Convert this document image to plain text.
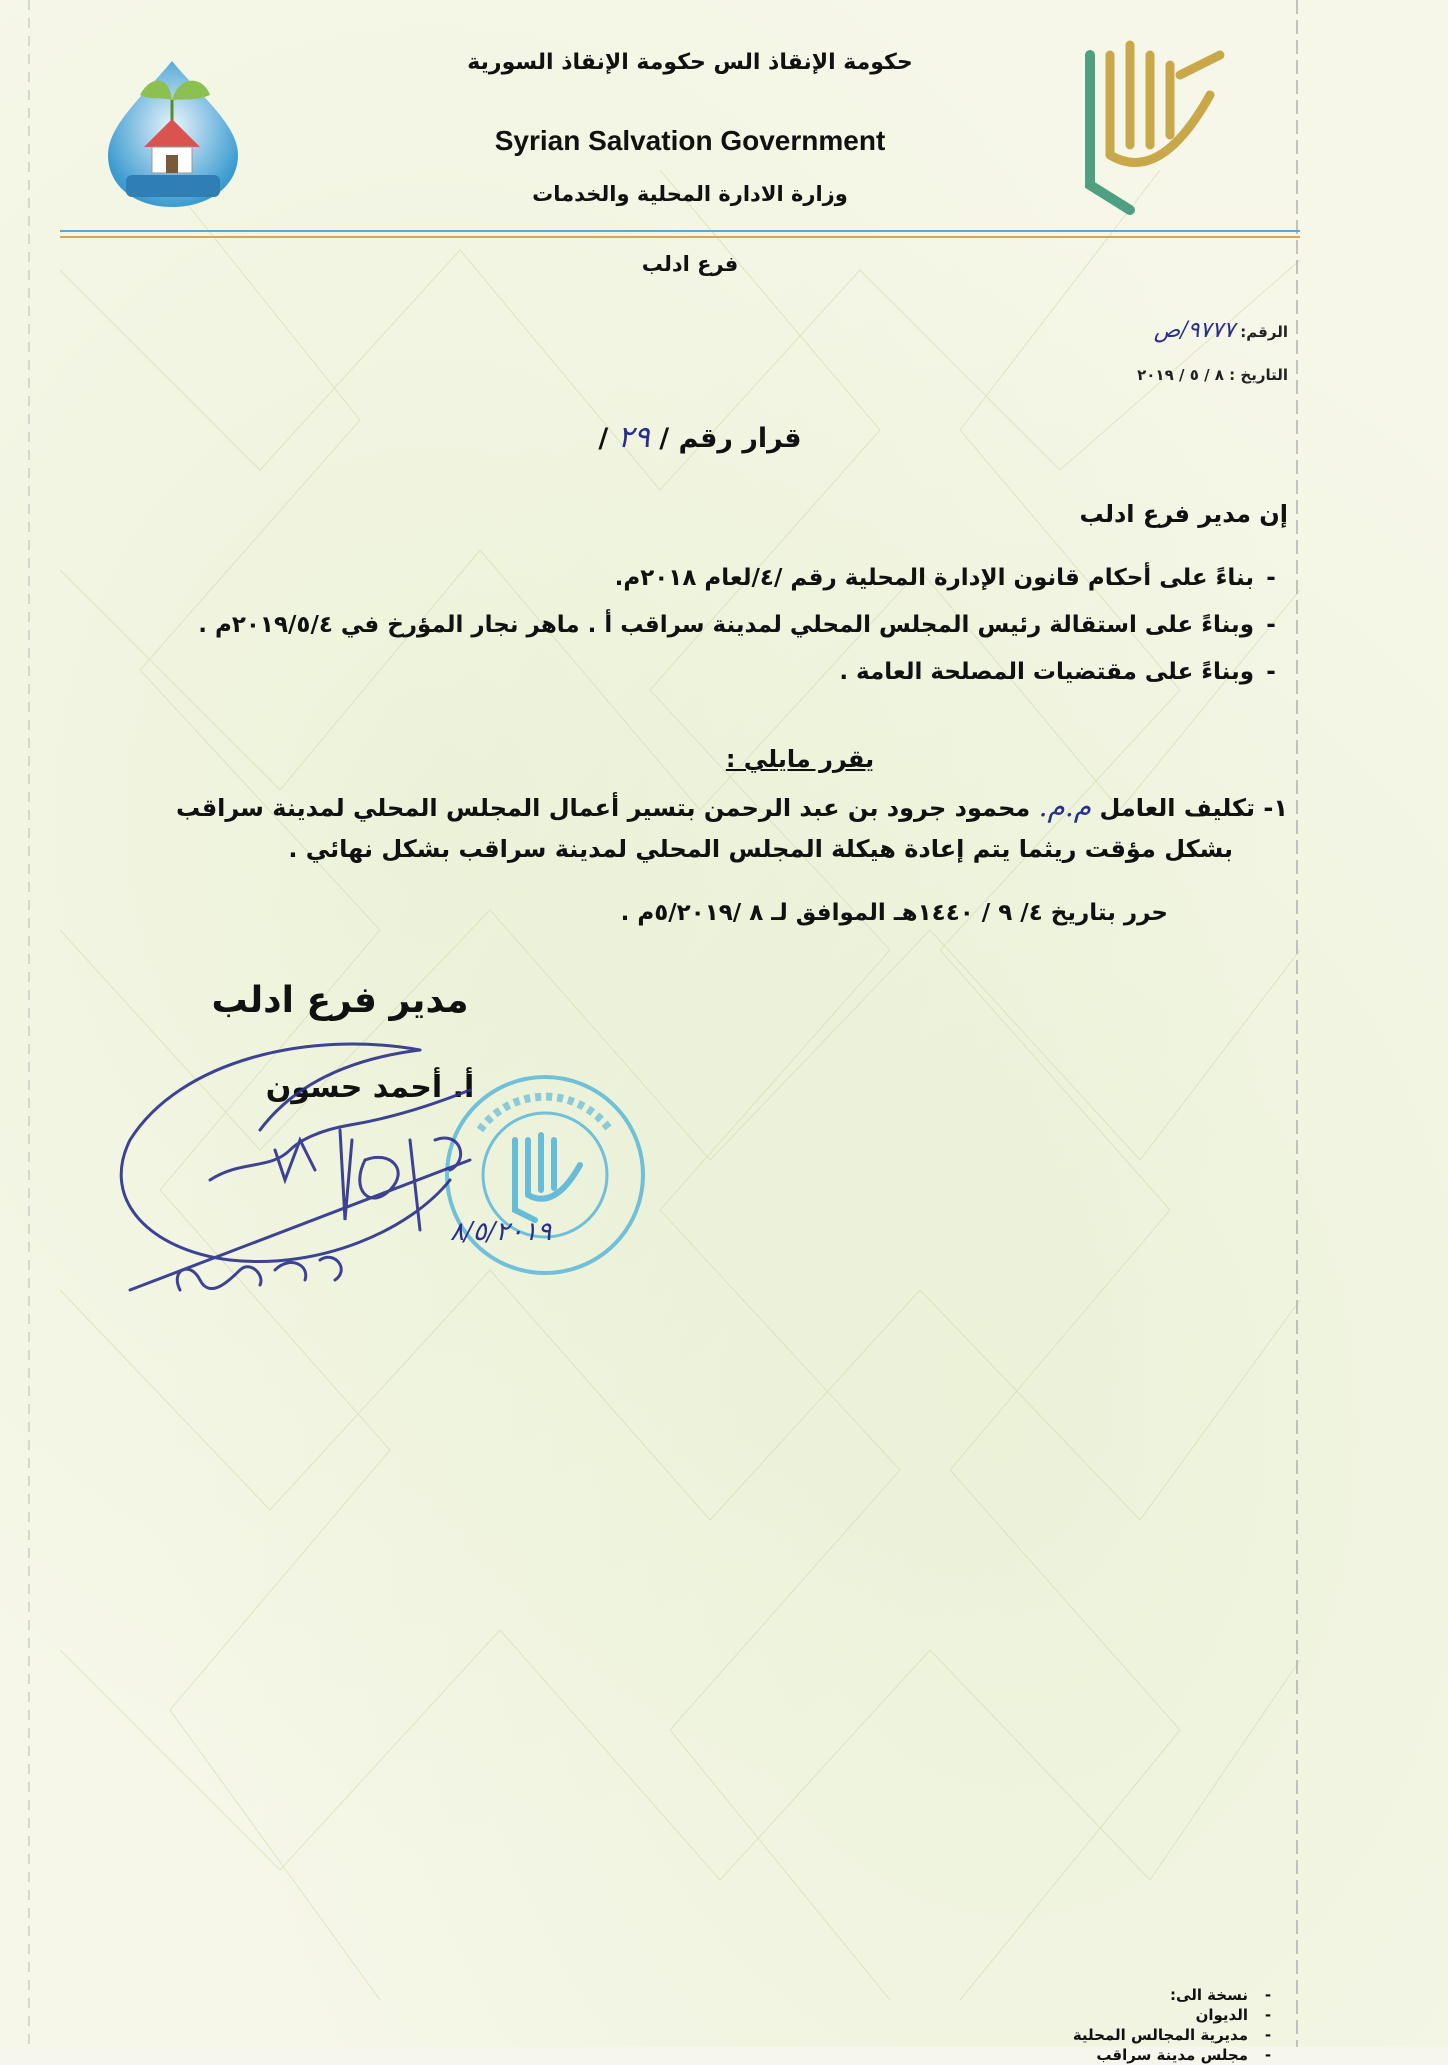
حكومة الإنقاذ الس حكومة الإنقاذ السورية
Syrian Salvation Government
وزارة الادارة المحلية والخدمات
فرع ادلب
الرقم: ٩٧٧٧/ص
التاريخ : ٨ / ٥ / ٢٠١٩
قرار رقم / ٢٩ /
إن مدير فرع ادلب
-بناءً على أحكام قانون الإدارة المحلية رقم /٤/لعام ٢٠١٨م.
-وبناءً على استقالة رئيس المجلس المحلي لمدينة سراقب أ . ماهر نجار المؤرخ في ٢٠١٩/٥/٤م .
-وبناءً على مقتضيات المصلحة العامة .
يقرر مايلي :
١- تكليف العامل م.م. محمود جرود بن عبد الرحمن بتسير أعمال المجلس المحلي لمدينة سراقب
بشكل مؤقت ريثما يتم إعادة هيكلة المجلس المحلي لمدينة سراقب بشكل نهائي .
حرر بتاريخ ٤/ ٩ / ١٤٤٠هـ الموافق لـ ٨ /٥/٢٠١٩م .
مدير فرع ادلب
أ. أحمد حسون
٨/٥/٢٠١٩
-نسخة الى:
-الديوان
-مديرية المجالس المحلية
-مجلس مدينة سراقب
